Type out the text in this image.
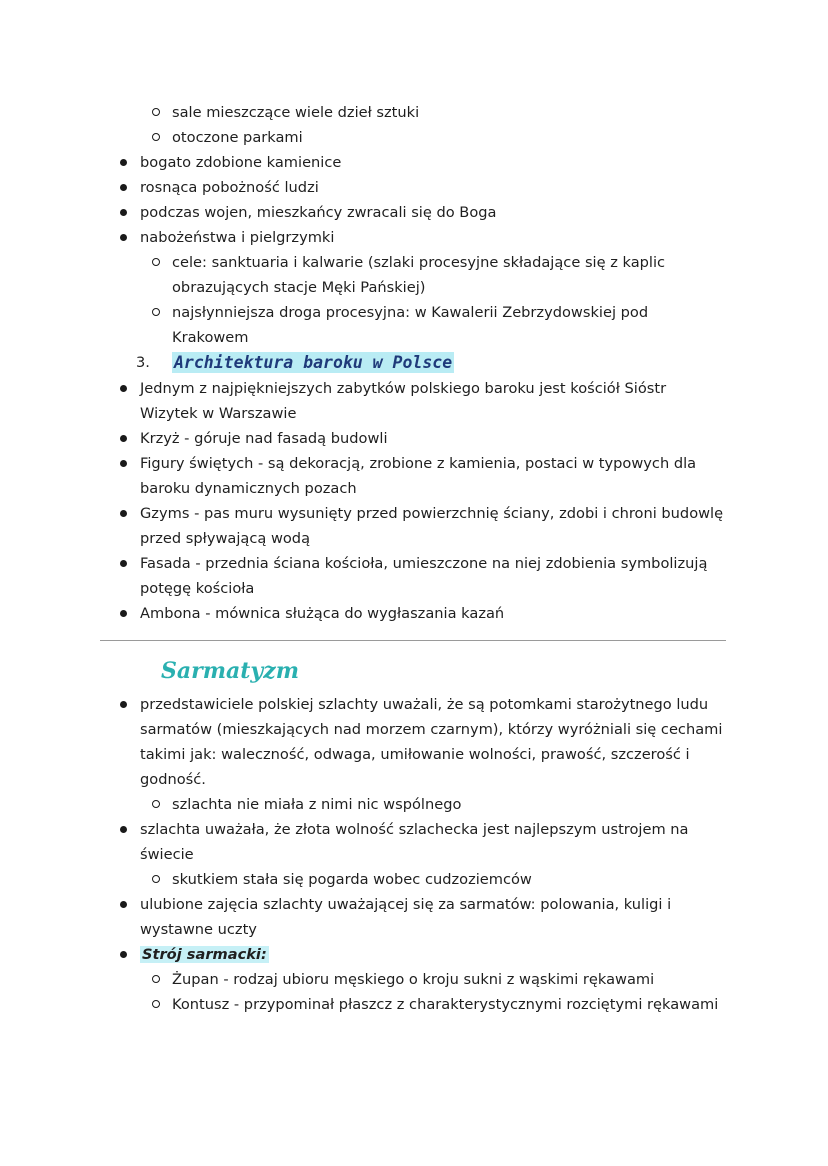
sale mieszczące wiele dzieł sztuki
otoczone parkami
bogato zdobione kamienice
rosnąca pobożność ludzi
podczas wojen, mieszkańcy zwracali się do Boga
nabożeństwa i pielgrzymki
cele: sanktuaria i kalwarie (szlaki procesyjne składające się z kaplic obrazujących stacje Męki Pańskiej)
najsłynniejsza droga procesyjna: w Kawalerii Zebrzydowskiej pod Krakowem
3. Architektura baroku w Polsce
Jednym z najpiękniejszych zabytków polskiego baroku jest kościół Sióstr Wizytek w Warszawie
Krzyż - góruje nad fasadą budowli
Figury świętych - są dekoracją, zrobione z kamienia, postaci w typowych dla baroku dynamicznych pozach
Gzyms - pas muru wysunięty przed powierzchnię ściany, zdobi i chroni budowlę przed spływającą wodą
Fasada - przednia ściana kościoła, umieszczone na niej zdobienia symbolizują potęgę kościoła
Ambona - mównica służąca do wygłaszania kazań
Sarmatyzm
przedstawiciele polskiej szlachty uważali, że są potomkami starożytnego ludu sarmatów (mieszkających nad morzem czarnym), którzy wyróżniali się cechami takimi jak: waleczność, odwaga, umiłowanie wolności, prawość, szczerość i godność.
szlachta nie miała z nimi nic wspólnego
szlachta uważała, że złota wolność szlachecka jest najlepszym ustrojem na świecie
skutkiem stała się pogarda wobec cudzoziemców
ulubione zajęcia szlachty uważającej się za sarmatów: polowania, kuligi i wystawne uczty
Strój sarmacki:
Żupan - rodzaj ubioru męskiego o kroju sukni z wąskimi rękawami
Kontusz - przypominał płaszcz z charakterystycznymi rozciętymi rękawami
